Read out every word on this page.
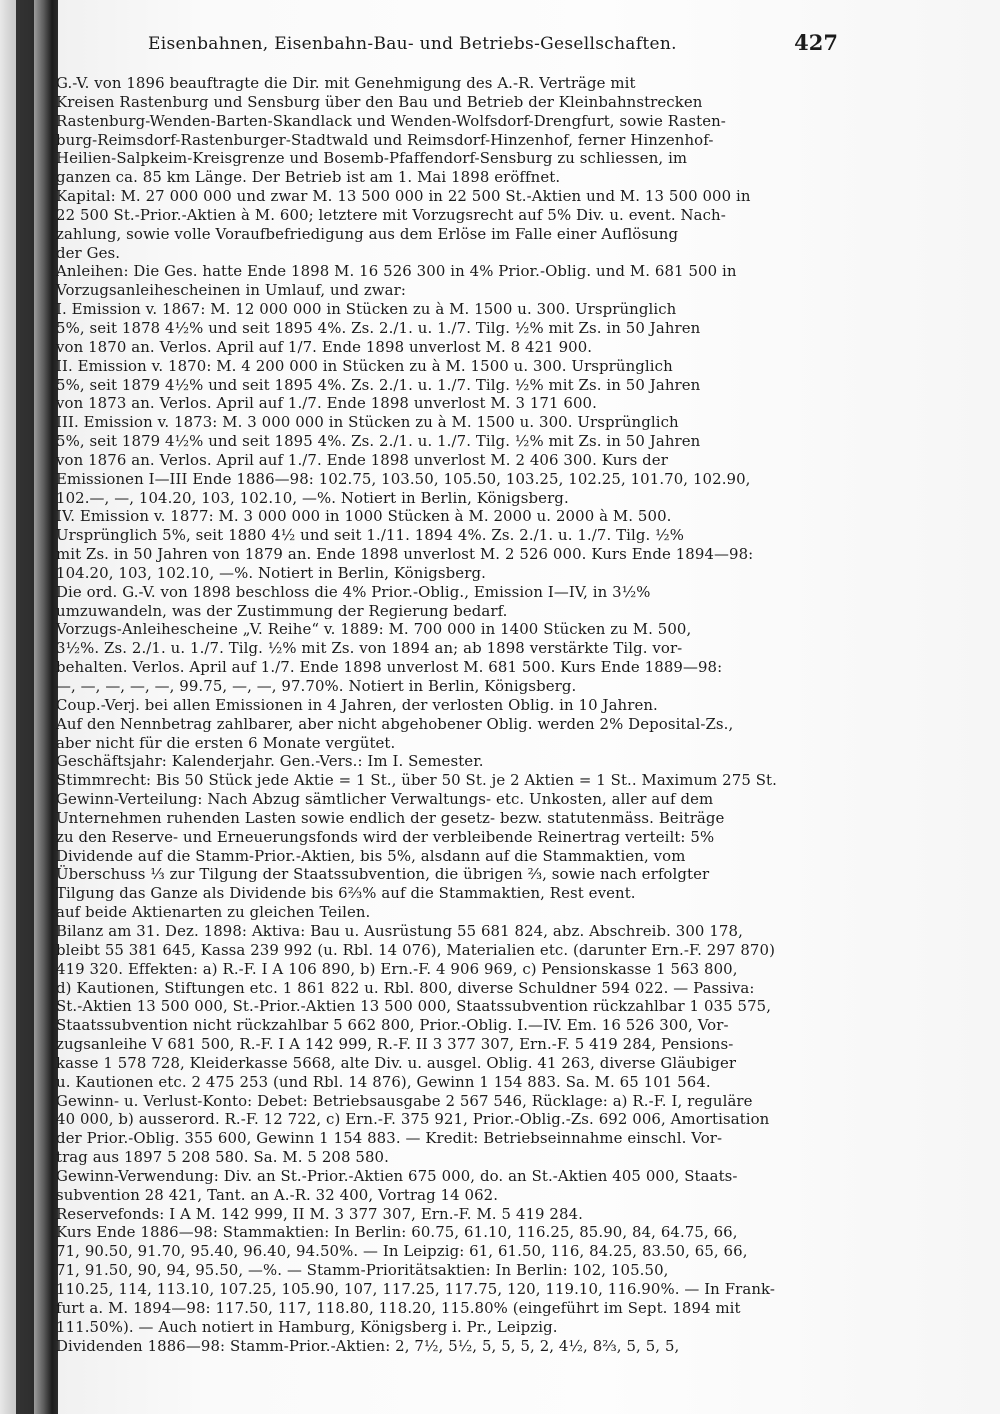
Eisenbahnen, Eisenbahn-Bau- und Betriebs-Gesellschaften.	427
G.-V. von 1896 beauftragte die Dir. mit Genehmigung des A.-R. Verträge mit
Kreisen Rastenburg und Sensburg über den Bau und Betrieb der Kleinbahnstrecken
Rastenburg-Wenden-Barten-Skandlack und Wenden-Wolfsdorf-Drengfurt, sowie Rasten-
burg-Reimsdorf-Rastenburger-Stadtwald und Reimsdorf-Hinzenhof, ferner Hinzenhof-
Heilien-Salpkeim-Kreisgrenze und Bosemb-Pfaffendorf-Sensburg zu schliessen, im
ganzen ca. 85 km Länge. Der Betrieb ist am 1. Mai 1898 eröffnet.
Kapital: M. 27 000 000 und zwar M. 13 500 000 in 22 500 St.-Aktien und M. 13 500 000 in
22 500 St.-Prior.-Aktien à M. 600; letztere mit Vorzugsrecht auf 5% Div. u. event. Nach-
zahlung, sowie volle Voraufbefriedigung aus dem Erlöse im Falle einer Auflösung
der Ges.
Anleihen: Die Ges. hatte Ende 1898 M. 16 526 300 in 4% Prior.-Oblig. und M. 681 500 in
Vorzugsanleihescheinen in Umlauf, und zwar:
I. Emission v. 1867: M. 12 000 000 in Stücken zu à M. 1500 u. 300. Ursprünglich
5%, seit 1878 4½% und seit 1895 4%. Zs. 2./1. u. 1./7. Tilg. ½% mit Zs. in 50 Jahren
von 1870 an. Verlos. April auf 1/7. Ende 1898 unverlost M. 8 421 900.
II. Emission v. 1870: M. 4 200 000 in Stücken zu à M. 1500 u. 300. Ursprünglich
5%, seit 1879 4½% und seit 1895 4%. Zs. 2./1. u. 1./7. Tilg. ½% mit Zs. in 50 Jahren
von 1873 an. Verlos. April auf 1./7. Ende 1898 unverlost M. 3 171 600.
III. Emission v. 1873: M. 3 000 000 in Stücken zu à M. 1500 u. 300. Ursprünglich
5%, seit 1879 4½% und seit 1895 4%. Zs. 2./1. u. 1./7. Tilg. ½% mit Zs. in 50 Jahren
von 1876 an. Verlos. April auf 1./7. Ende 1898 unverlost M. 2 406 300. Kurs der
Emissionen I—III Ende 1886—98: 102.75, 103.50, 105.50, 103.25, 102.25, 101.70, 102.90,
102.—, —, 104.20, 103, 102.10, —%. Notiert in Berlin, Königsberg.
IV. Emission v. 1877: M. 3 000 000 in 1000 Stücken à M. 2000 u. 2000 à M. 500.
Ursprünglich 5%, seit 1880 4½ und seit 1./11. 1894 4%. Zs. 2./1. u. 1./7. Tilg. ½%
mit Zs. in 50 Jahren von 1879 an. Ende 1898 unverlost M. 2 526 000. Kurs Ende 1894—98:
104.20, 103, 102.10, —%. Notiert in Berlin, Königsberg.
Die ord. G.-V. von 1898 beschloss die 4% Prior.-Oblig., Emission I—IV, in 3½%
umzuwandeln, was der Zustimmung der Regierung bedarf.
Vorzugs-Anleihescheine „V. Reihe“ v. 1889: M. 700 000 in 1400 Stücken zu M. 500,
3½%. Zs. 2./1. u. 1./7. Tilg. ½% mit Zs. von 1894 an; ab 1898 verstärkte Tilg. vor-
behalten. Verlos. April auf 1./7. Ende 1898 unverlost M. 681 500. Kurs Ende 1889—98:
—, —, —, —, —, 99.75, —, —, 97.70%. Notiert in Berlin, Königsberg.
Coup.-Verj. bei allen Emissionen in 4 Jahren, der verlosten Oblig. in 10 Jahren.
Auf den Nennbetrag zahlbarer, aber nicht abgehobener Oblig. werden 2% Deposital-Zs.,
aber nicht für die ersten 6 Monate vergütet.
Geschäftsjahr: Kalenderjahr. Gen.-Vers.: Im I. Semester.
Stimmrecht: Bis 50 Stück jede Aktie = 1 St., über 50 St. je 2 Aktien = 1 St.. Maximum 275 St.
Gewinn-Verteilung: Nach Abzug sämtlicher Verwaltungs- etc. Unkosten, aller auf dem
Unternehmen ruhenden Lasten sowie endlich der gesetz- bezw. statutenmäss. Beiträge
zu den Reserve- und Erneuerungsfonds wird der verbleibende Reinertrag verteilt: 5%
Dividende auf die Stamm-Prior.-Aktien, bis 5%, alsdann auf die Stammaktien, vom
Überschuss ⅓ zur Tilgung der Staatssubvention, die übrigen ⅔, sowie nach erfolgter
Tilgung das Ganze als Dividende bis 6⅔% auf die Stammaktien, Rest event.
auf beide Aktienarten zu gleichen Teilen.
Bilanz am 31. Dez. 1898: Aktiva: Bau u. Ausrüstung 55 681 824, abz. Abschreib. 300 178,
bleibt 55 381 645, Kassa 239 992 (u. Rbl. 14 076), Materialien etc. (darunter Ern.-F. 297 870)
419 320. Effekten: a) R.-F. I A 106 890, b) Ern.-F. 4 906 969, c) Pensionskasse 1 563 800,
d) Kautionen, Stiftungen etc. 1 861 822 u. Rbl. 800, diverse Schuldner 594 022. — Passiva:
St.-Aktien 13 500 000, St.-Prior.-Aktien 13 500 000, Staatssubvention rückzahlbar 1 035 575,
Staatssubvention nicht rückzahlbar 5 662 800, Prior.-Oblig. I.—IV. Em. 16 526 300, Vor-
zugsanleihe V 681 500, R.-F. I A 142 999, R.-F. II 3 377 307, Ern.-F. 5 419 284, Pensions-
kasse 1 578 728, Kleiderkasse 5668, alte Div. u. ausgel. Oblig. 41 263, diverse Gläubiger
u. Kautionen etc. 2 475 253 (und Rbl. 14 876), Gewinn 1 154 883. Sa. M. 65 101 564.
Gewinn- u. Verlust-Konto: Debet: Betriebsausgabe 2 567 546, Rücklage: a) R.-F. I, reguläre
40 000, b) ausserord. R.-F. 12 722, c) Ern.-F. 375 921, Prior.-Oblig.-Zs. 692 006, Amortisation
der Prior.-Oblig. 355 600, Gewinn 1 154 883. — Kredit: Betriebseinnahme einschl. Vor-
trag aus 1897 5 208 580. Sa. M. 5 208 580.
Gewinn-Verwendung: Div. an St.-Prior.-Aktien 675 000, do. an St.-Aktien 405 000, Staats-
subvention 28 421, Tant. an A.-R. 32 400, Vortrag 14 062.
Reservefonds: I A M. 142 999, II M. 3 377 307, Ern.-F. M. 5 419 284.
Kurs Ende 1886—98: Stammaktien: In Berlin: 60.75, 61.10, 116.25, 85.90, 84, 64.75, 66,
71, 90.50, 91.70, 95.40, 96.40, 94.50%. — In Leipzig: 61, 61.50, 116, 84.25, 83.50, 65, 66,
71, 91.50, 90, 94, 95.50, —%. — Stamm-Prioritätsaktien: In Berlin: 102, 105.50,
110.25, 114, 113.10, 107.25, 105.90, 107, 117.25, 117.75, 120, 119.10, 116.90%. — In Frank-
furt a. M. 1894—98: 117.50, 117, 118.80, 118.20, 115.80% (eingeführt im Sept. 1894 mit
111.50%). — Auch notiert in Hamburg, Königsberg i. Pr., Leipzig.
Dividenden 1886—98: Stamm-Prior.-Aktien: 2, 7½, 5½, 5, 5, 5, 2, 4½, 8⅔, 5, 5, 5,
